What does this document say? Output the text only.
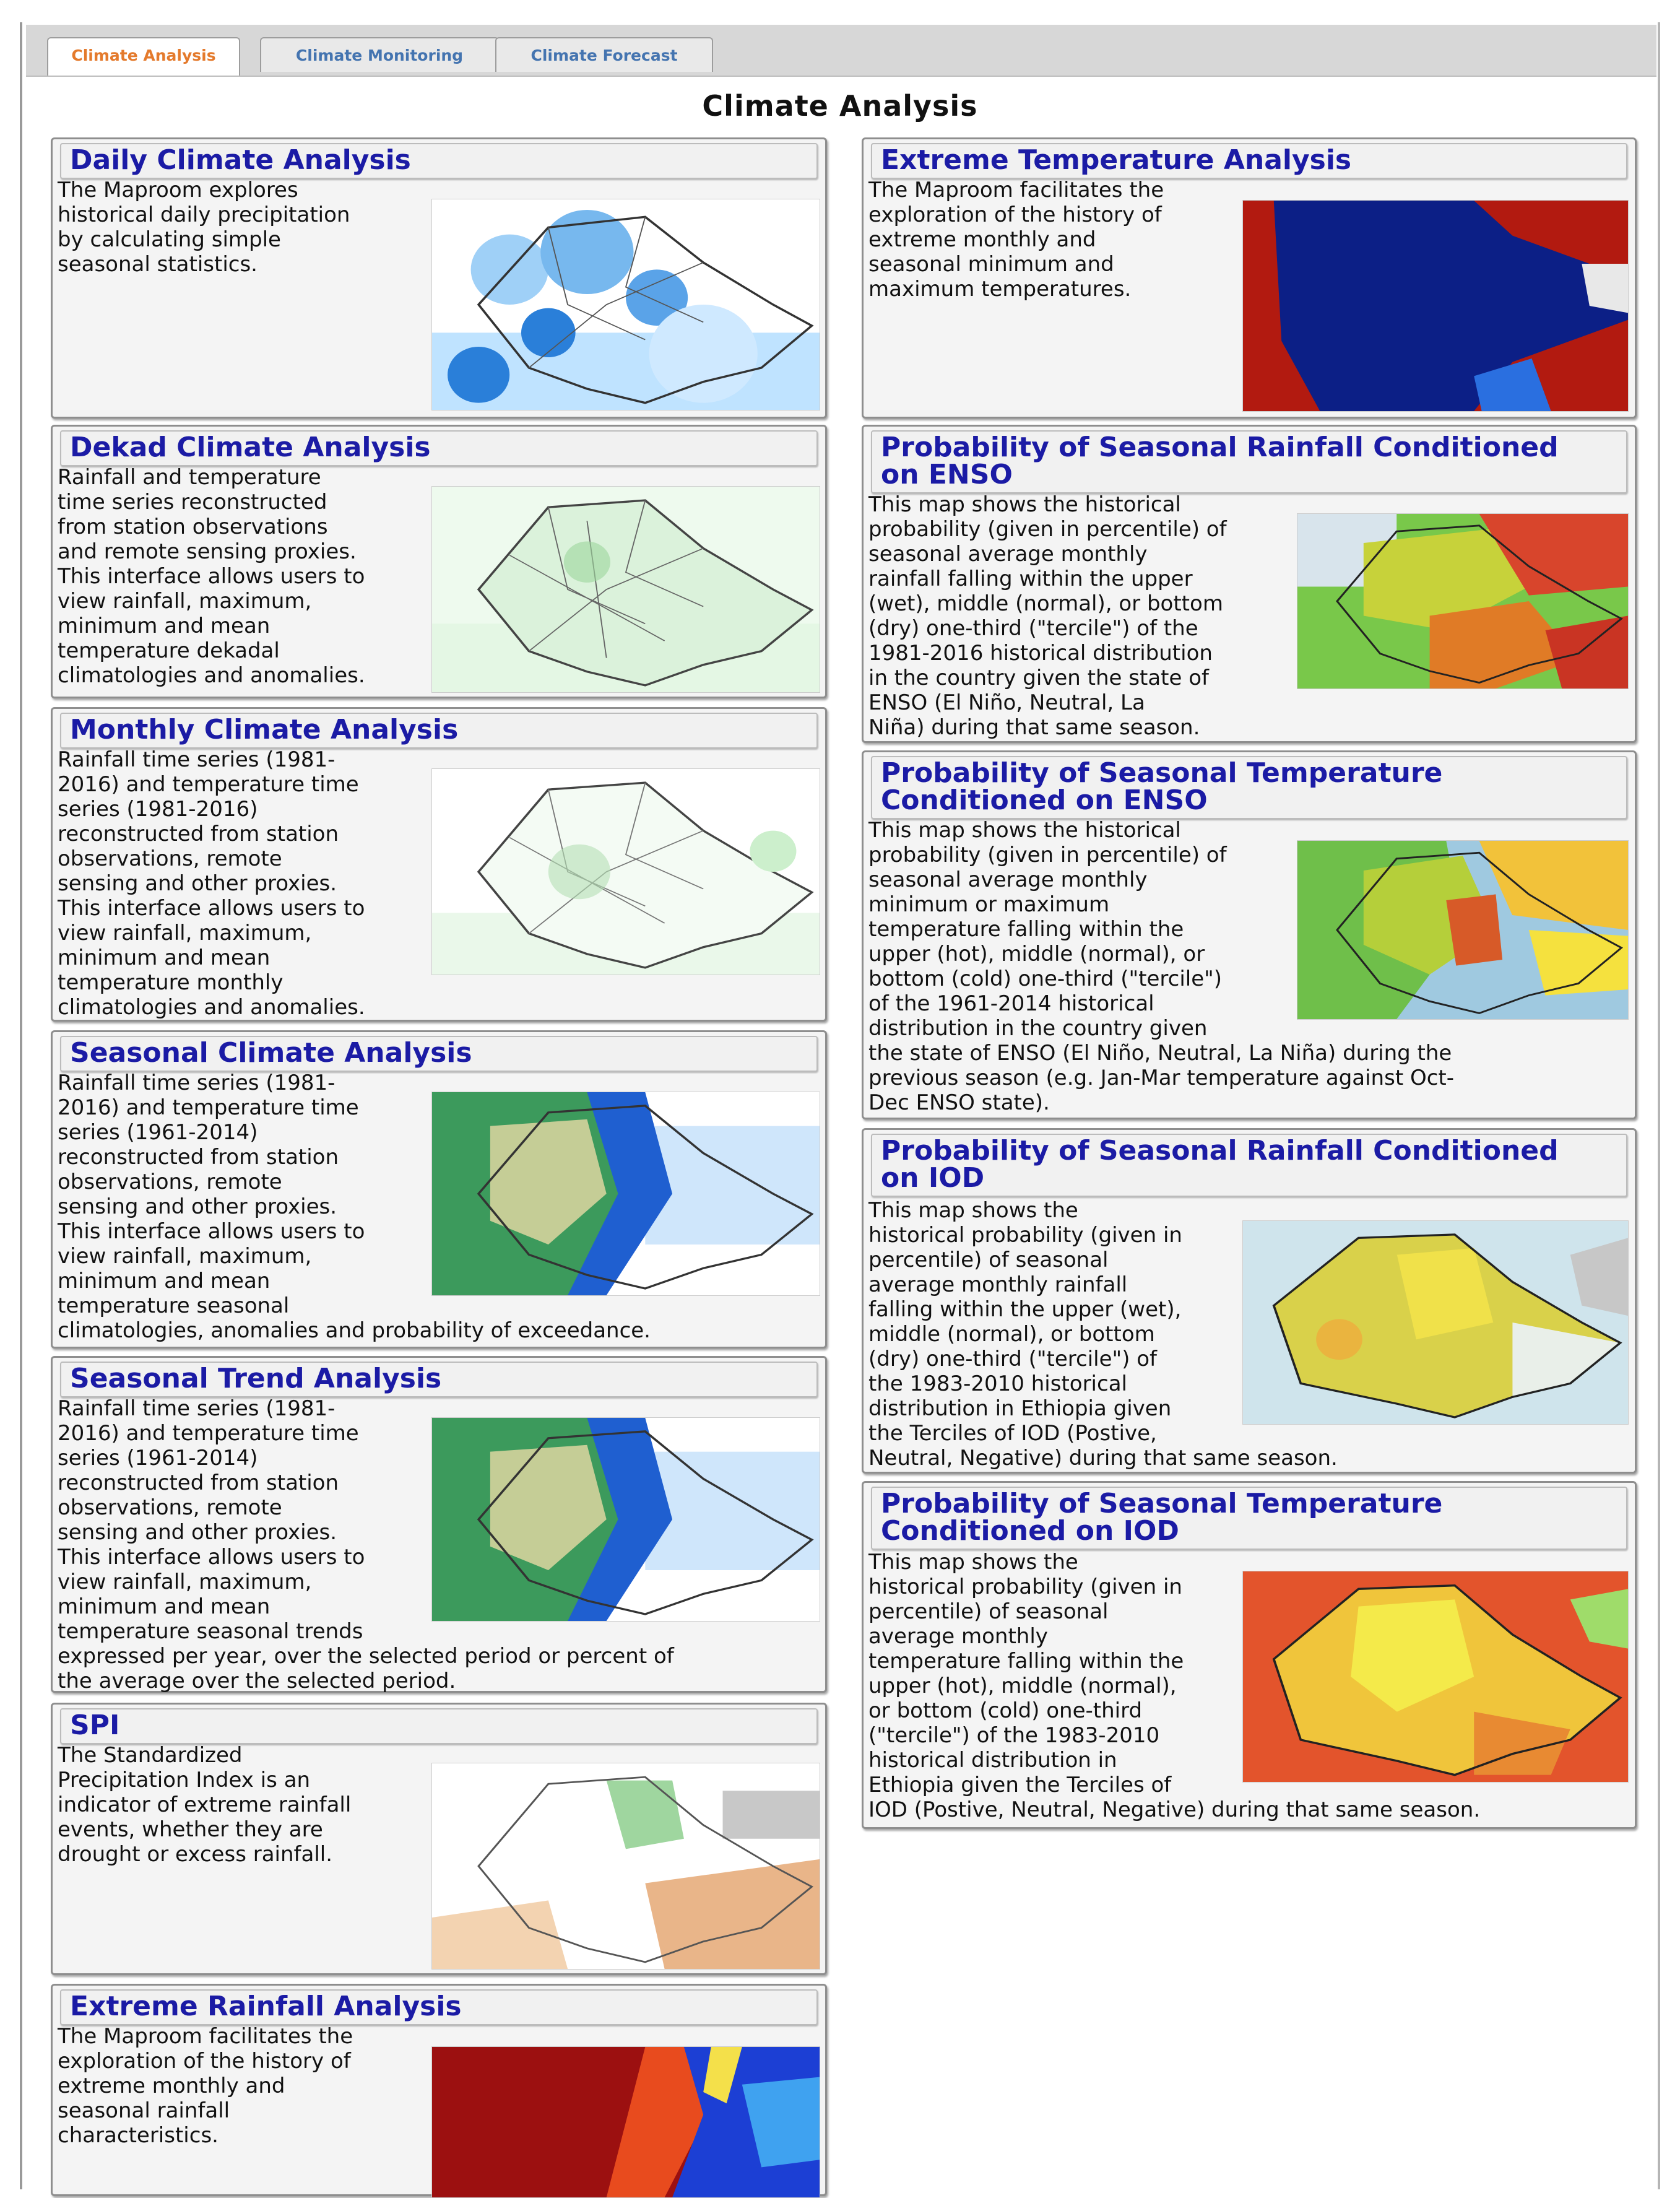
Climate Analysis	Climate Monitoring	Climate Forecast
Climate Analysis
Daily Climate Analysis
The Maproom explores
historical daily precipitation
by calculating simple
seasonal statistics.
Dekad Climate Analysis
Rainfall and temperature
time series reconstructed
from station observations
and remote sensing proxies.
This interface allows users to
view rainfall, maximum,
minimum and mean
temperature dekadal
climatologies and anomalies.
Monthly Climate Analysis
Rainfall time series (1981-
2016) and temperature time
series (1981-2016)
reconstructed from station
observations, remote
sensing and other proxies.
This interface allows users to
view rainfall, maximum,
minimum and mean
temperature monthly
climatologies and anomalies.
Seasonal Climate Analysis
Rainfall time series (1981-
2016) and temperature time
series (1961-2014)
reconstructed from station
observations, remote
sensing and other proxies.
This interface allows users to
view rainfall, maximum,
minimum and mean
temperature seasonal
climatologies, anomalies and probability of exceedance.
Seasonal Trend Analysis
Rainfall time series (1981-
2016) and temperature time
series (1961-2014)
reconstructed from station
observations, remote
sensing and other proxies.
This interface allows users to
view rainfall, maximum,
minimum and mean
temperature seasonal trends
expressed per year, over the selected period or percent of
the average over the selected period.
SPI
The Standardized
Precipitation Index is an
indicator of extreme rainfall
events, whether they are
drought or excess rainfall.
Extreme Rainfall Analysis
The Maproom facilitates the
exploration of the history of
extreme monthly and
seasonal rainfall
characteristics.
Extreme Temperature Analysis
The Maproom facilitates the
exploration of the history of
extreme monthly and
seasonal minimum and
maximum temperatures.
Probability of Seasonal Rainfall Conditioned
on ENSO
This map shows the historical
probability (given in percentile) of
seasonal average monthly
rainfall falling within the upper
(wet), middle (normal), or bottom
(dry) one-third ("tercile") of the
1981-2016 historical distribution
in the country given the state of
ENSO (El Niño, Neutral, La
Niña) during that same season.
Probability of Seasonal Temperature
Conditioned on ENSO
This map shows the historical
probability (given in percentile) of
seasonal average monthly
minimum or maximum
temperature falling within the
upper (hot), middle (normal), or
bottom (cold) one-third ("tercile")
of the 1961-2014 historical
distribution in the country given
the state of ENSO (El Niño, Neutral, La Niña) during the
previous season (e.g. Jan-Mar temperature against Oct-
Dec ENSO state).
Probability of Seasonal Rainfall Conditioned
on IOD
This map shows the
historical probability (given in
percentile) of seasonal
average monthly rainfall
falling within the upper (wet),
middle (normal), or bottom
(dry) one-third ("tercile") of
the 1983-2010 historical
distribution in Ethiopia given
the Terciles of IOD (Postive,
Neutral, Negative) during that same season.
Probability of Seasonal Temperature
Conditioned on IOD
This map shows the
historical probability (given in
percentile) of seasonal
average monthly
temperature falling within the
upper (hot), middle (normal),
or bottom (cold) one-third
("tercile") of the 1983-2010
historical distribution in
Ethiopia given the Terciles of
IOD (Postive, Neutral, Negative) during that same season.
